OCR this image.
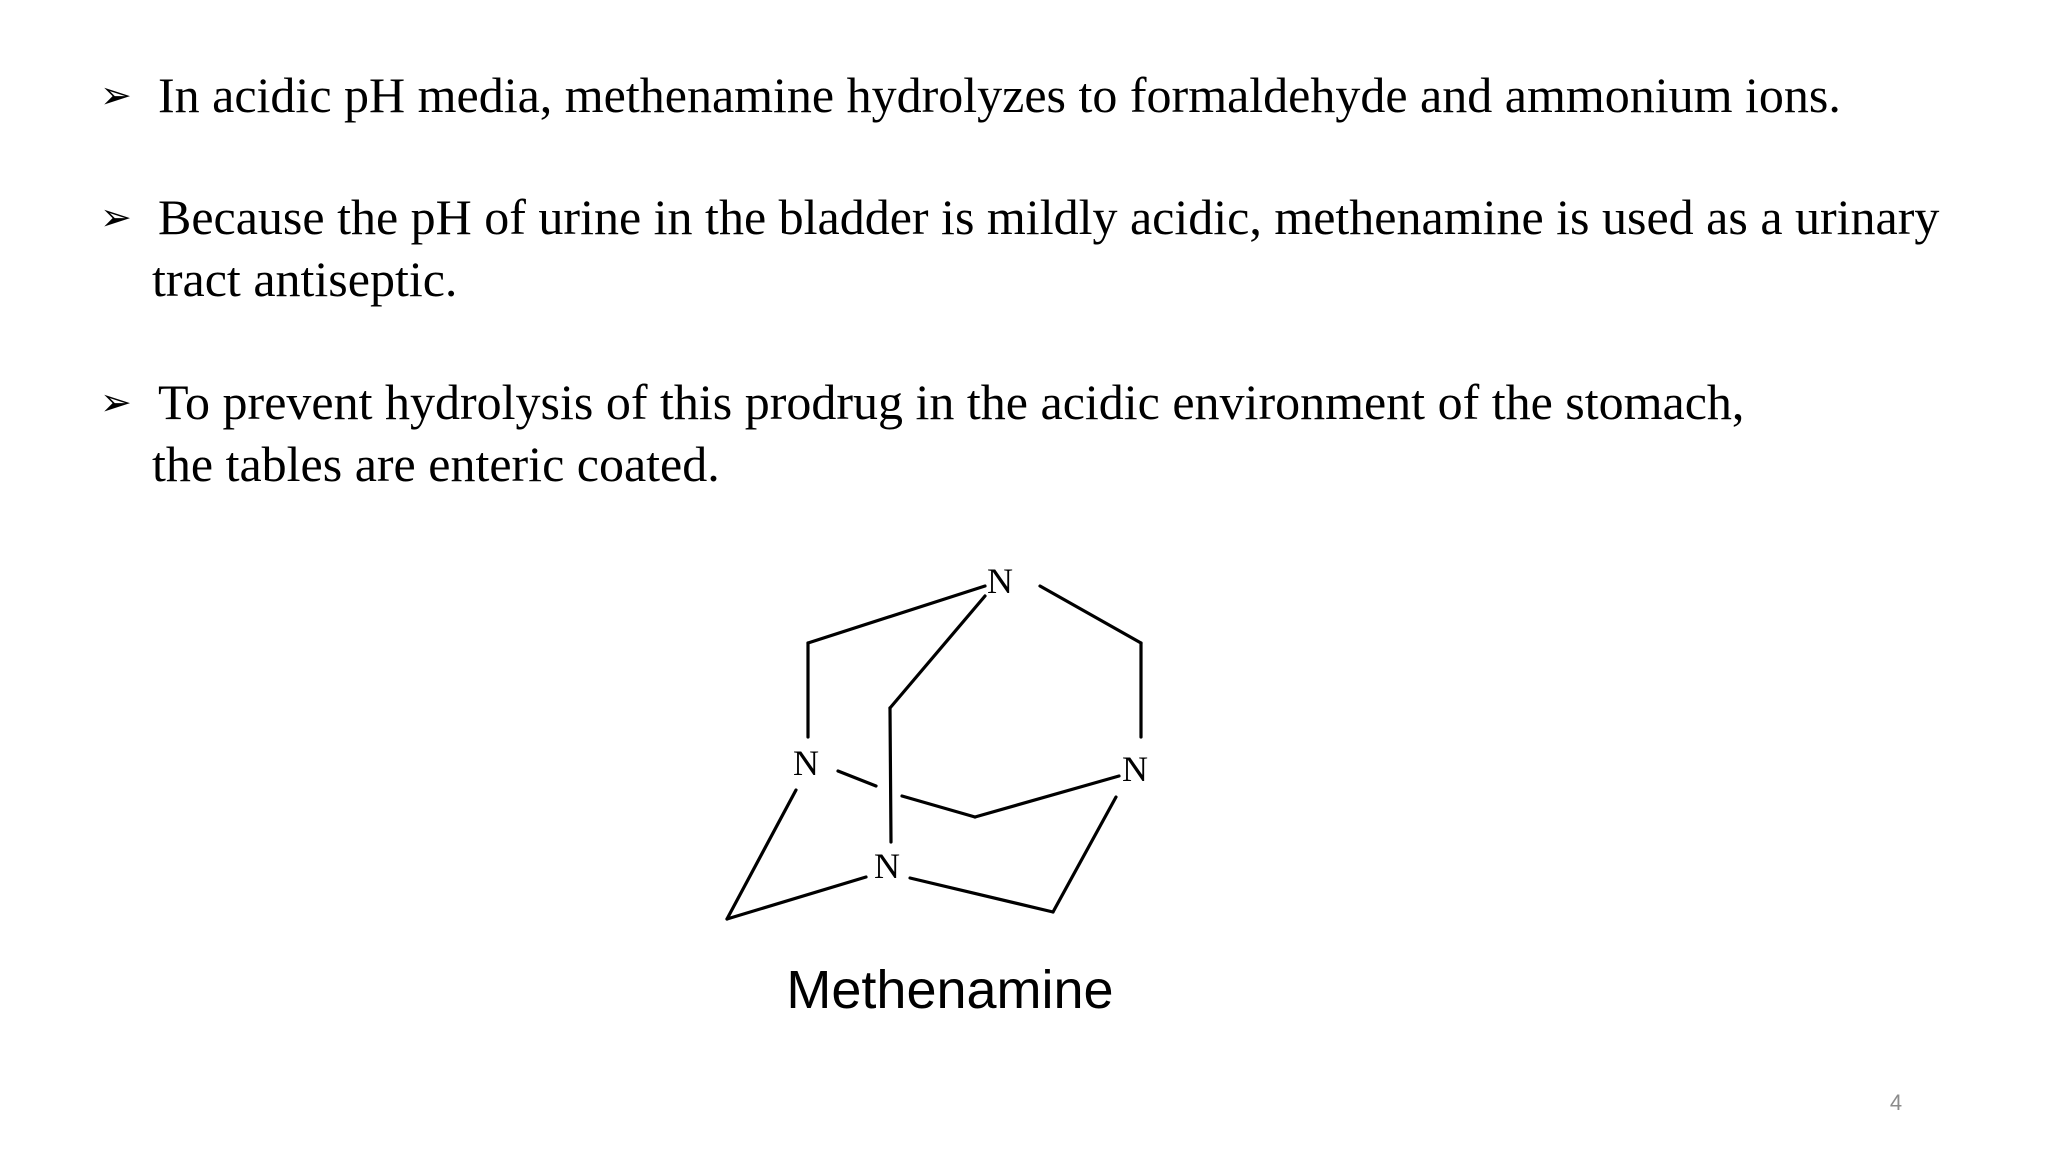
➢ In acidic pH media, methenamine hydrolyzes to formaldehyde and ammonium ions.
➢ Because the pH of urine in the bladder is mildly acidic, methenamine is used as a urinary
tract antiseptic.
➢ To prevent hydrolysis of this prodrug in the acidic environment of the stomach,
the tables are enteric coated.
N
N	N
N
Methenamine
4
